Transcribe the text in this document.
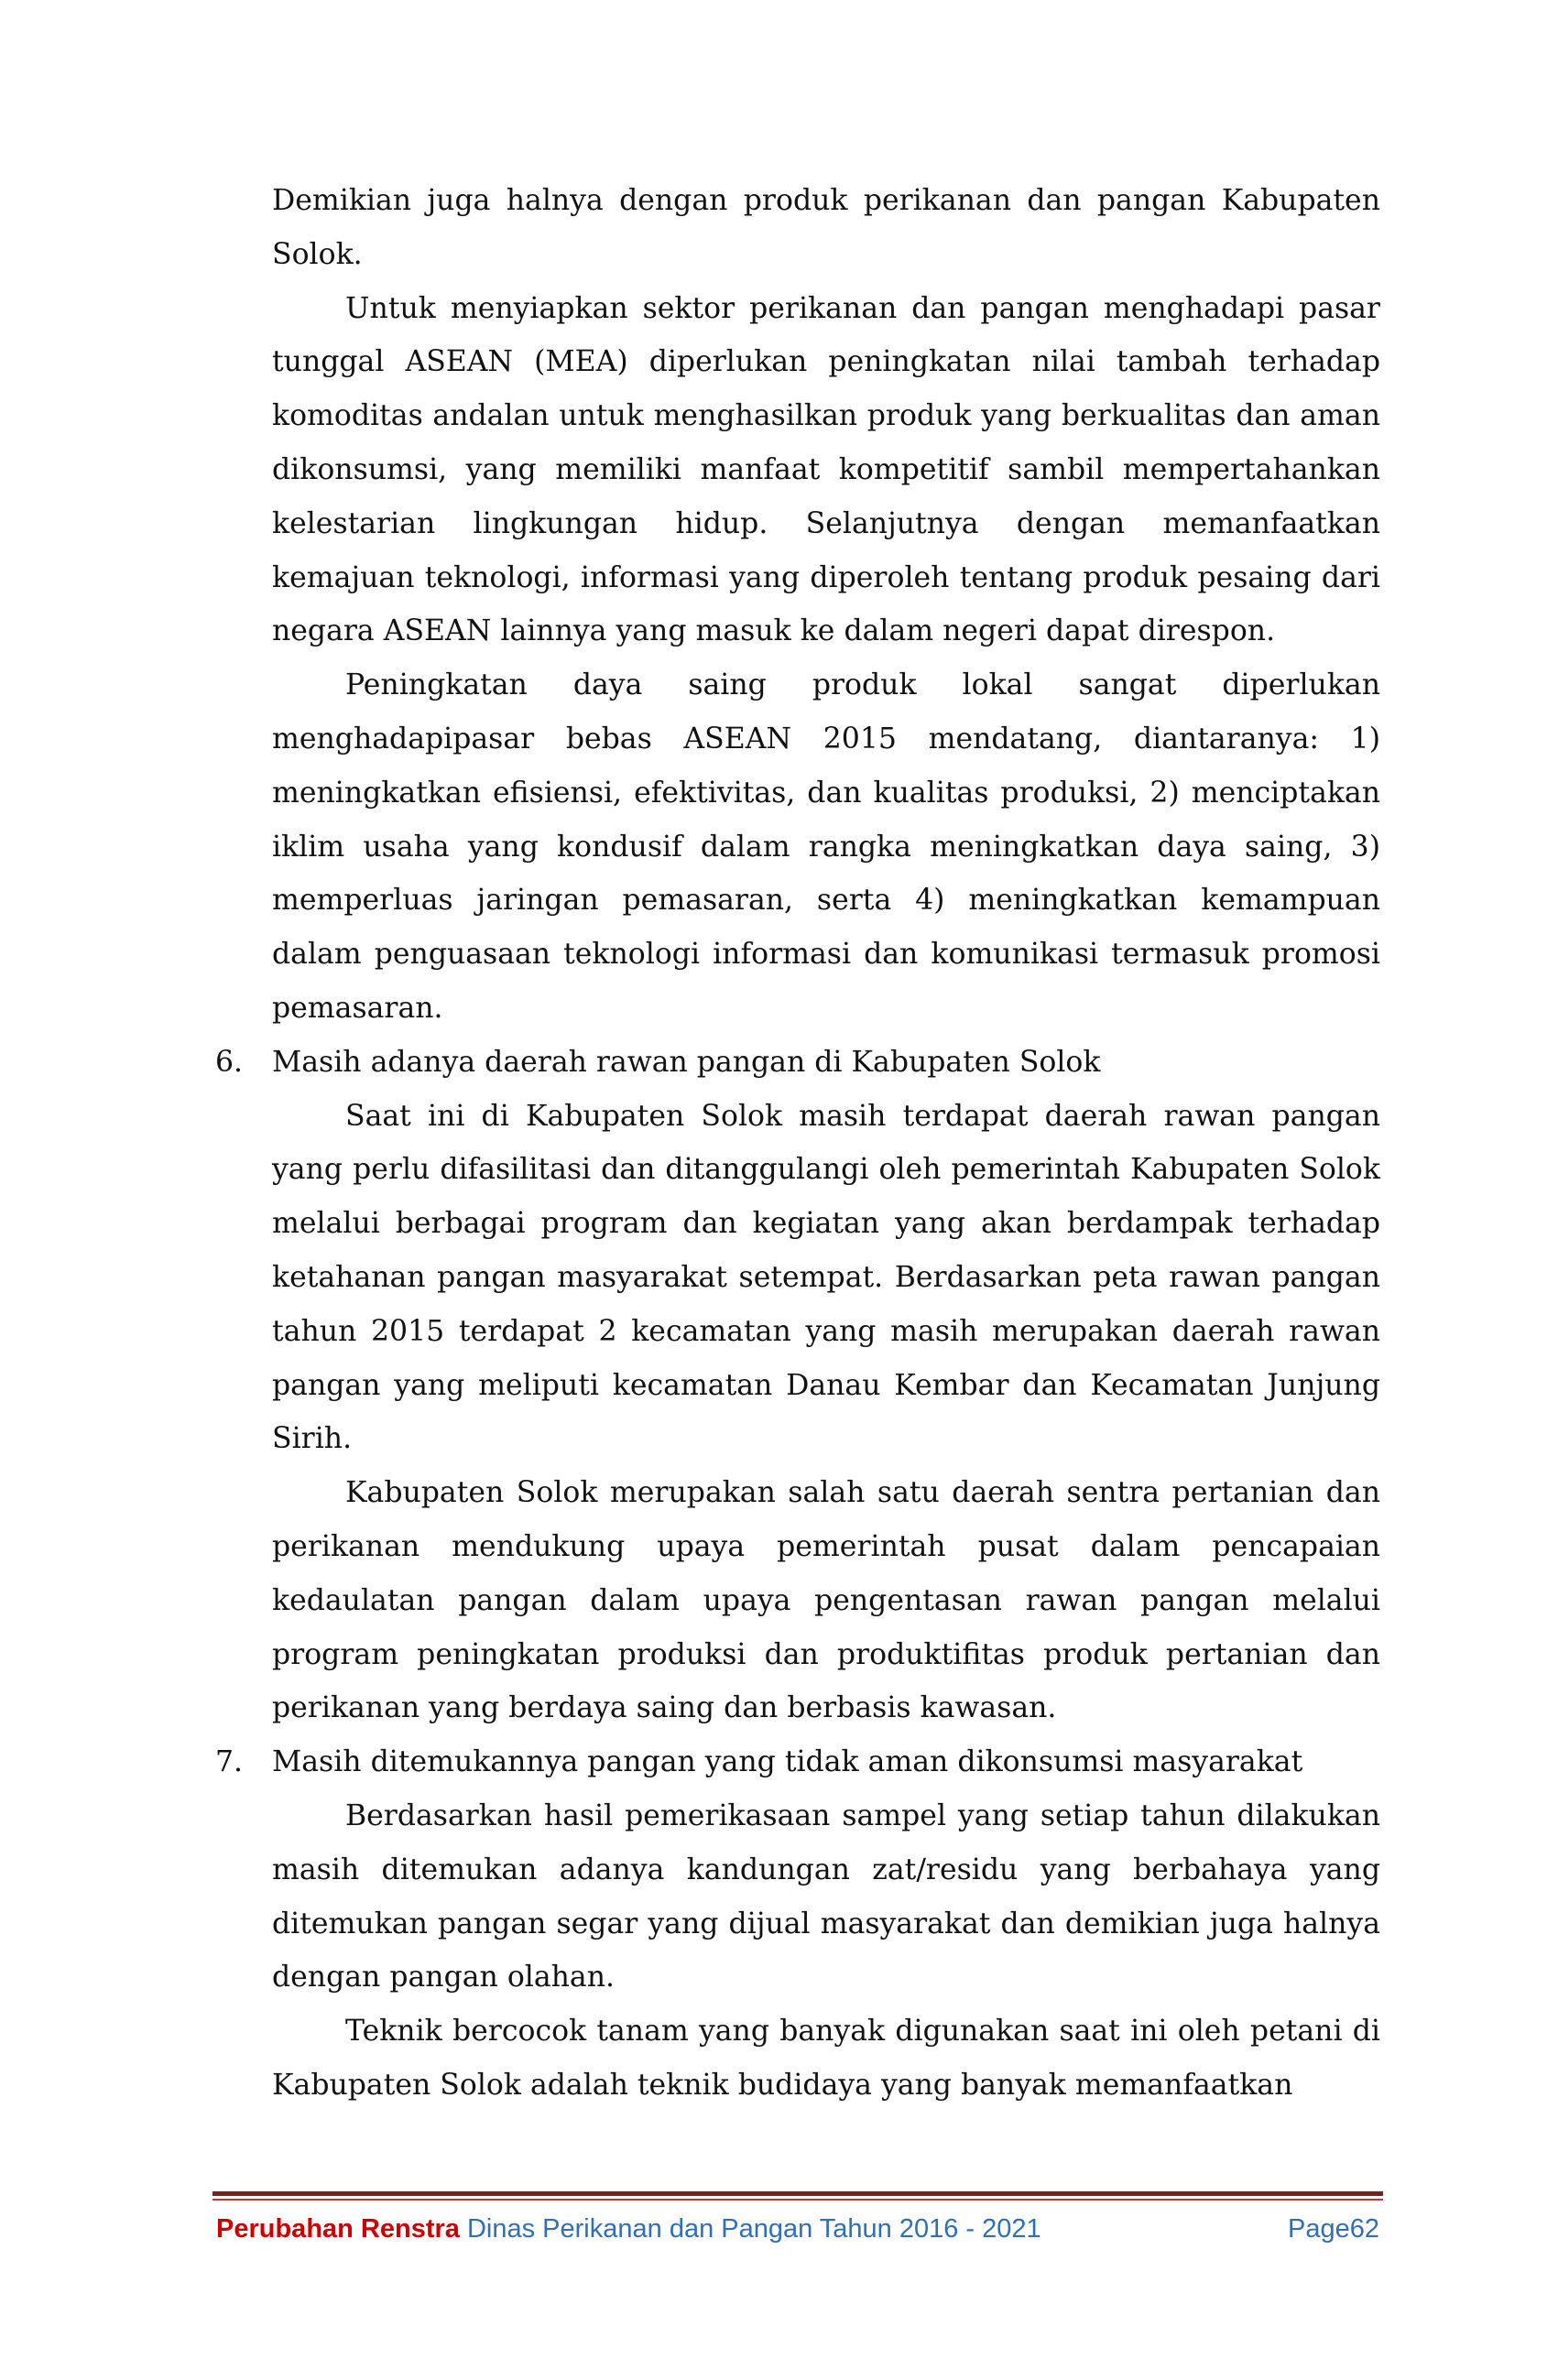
Demikian juga halnya dengan produk perikanan dan pangan Kabupaten Solok.

Untuk menyiapkan sektor perikanan dan pangan menghadapi pasar tunggal ASEAN (MEA) diperlukan peningkatan nilai tambah terhadap komoditas andalan untuk menghasilkan produk yang berkualitas dan aman dikonsumsi, yang memiliki manfaat kompetitif sambil mempertahankan kelestarian lingkungan hidup. Selanjutnya dengan memanfaatkan kemajuan teknologi, informasi yang diperoleh tentang produk pesaing dari negara ASEAN lainnya yang masuk ke dalam negeri dapat direspon.

Peningkatan daya saing produk lokal sangat diperlukan menghadapipasar bebas ASEAN 2015 mendatang, diantaranya: 1) meningkatkan efisiensi, efektivitas, dan kualitas produksi, 2) menciptakan iklim usaha yang kondusif dalam rangka meningkatkan daya saing, 3) memperluas jaringan pemasaran, serta 4) meningkatkan kemampuan dalam penguasaan teknologi informasi dan komunikasi termasuk promosi pemasaran.

6. Masih adanya daerah rawan pangan di Kabupaten Solok

Saat ini di Kabupaten Solok masih terdapat daerah rawan pangan yang perlu difasilitasi dan ditanggulangi oleh pemerintah Kabupaten Solok melalui berbagai program dan kegiatan yang akan berdampak terhadap ketahanan pangan masyarakat setempat. Berdasarkan peta rawan pangan tahun 2015 terdapat 2 kecamatan yang masih merupakan daerah rawan pangan yang meliputi kecamatan Danau Kembar dan Kecamatan Junjung Sirih.

Kabupaten Solok merupakan salah satu daerah sentra pertanian dan perikanan mendukung upaya pemerintah pusat dalam pencapaian kedaulatan pangan dalam upaya pengentasan rawan pangan melalui program peningkatan produksi dan produktifitas produk pertanian dan perikanan yang berdaya saing dan berbasis kawasan.

7. Masih ditemukannya pangan yang tidak aman dikonsumsi masyarakat

Berdasarkan hasil pemerikasaan sampel yang setiap tahun dilakukan masih ditemukan adanya kandungan zat/residu yang berbahaya yang ditemukan pangan segar yang dijual masyarakat dan demikian juga halnya dengan pangan olahan.

Teknik bercocok tanam yang banyak digunakan saat ini oleh petani di Kabupaten Solok adalah teknik budidaya yang banyak memanfaatkan

Perubahan Renstra Dinas Perikanan dan Pangan Tahun 2016 - 2021	Page62
